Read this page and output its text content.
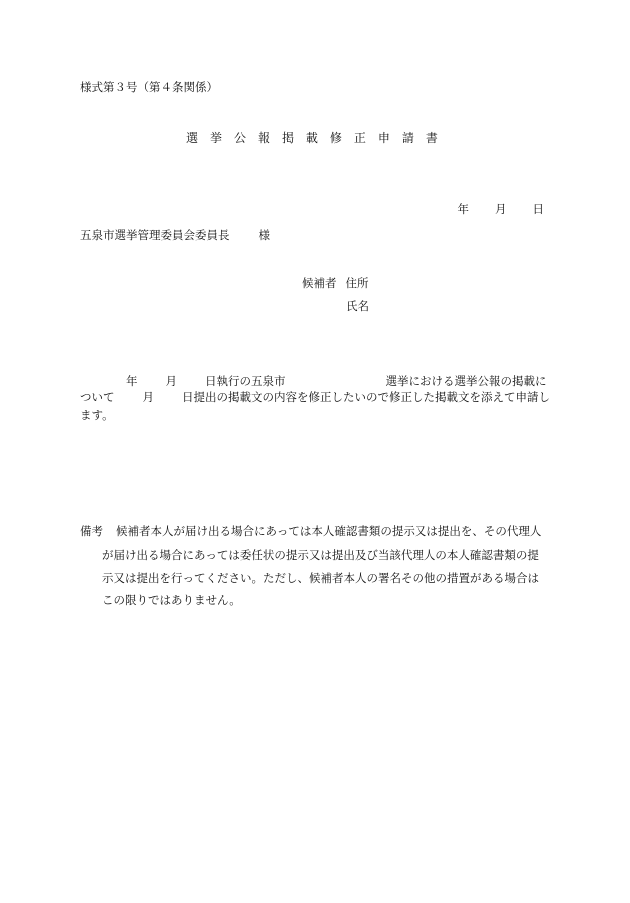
様式第３号（第４条関係）
選 挙 公 報 掲 載 修 正 申 請 書
年 月 日
五泉市選挙管理委員会委員長	様
候補者 住所
氏名
年 月 日執行の五泉市	選挙における選挙公報の掲載に
ついて 月	日提出の掲載文の内容を修正したいので修正した掲載文を添えて申請し
ます。
備考 候補者本人が届け出る場合にあっては本人確認書類の提示又は提出を、その代理人
が届け出る場合にあっては委任状の提示又は提出及び当該代理人の本人確認書類の提
示又は提出を行ってください。ただし、候補者本人の署名その他の措置がある場合は
この限りではありません。
